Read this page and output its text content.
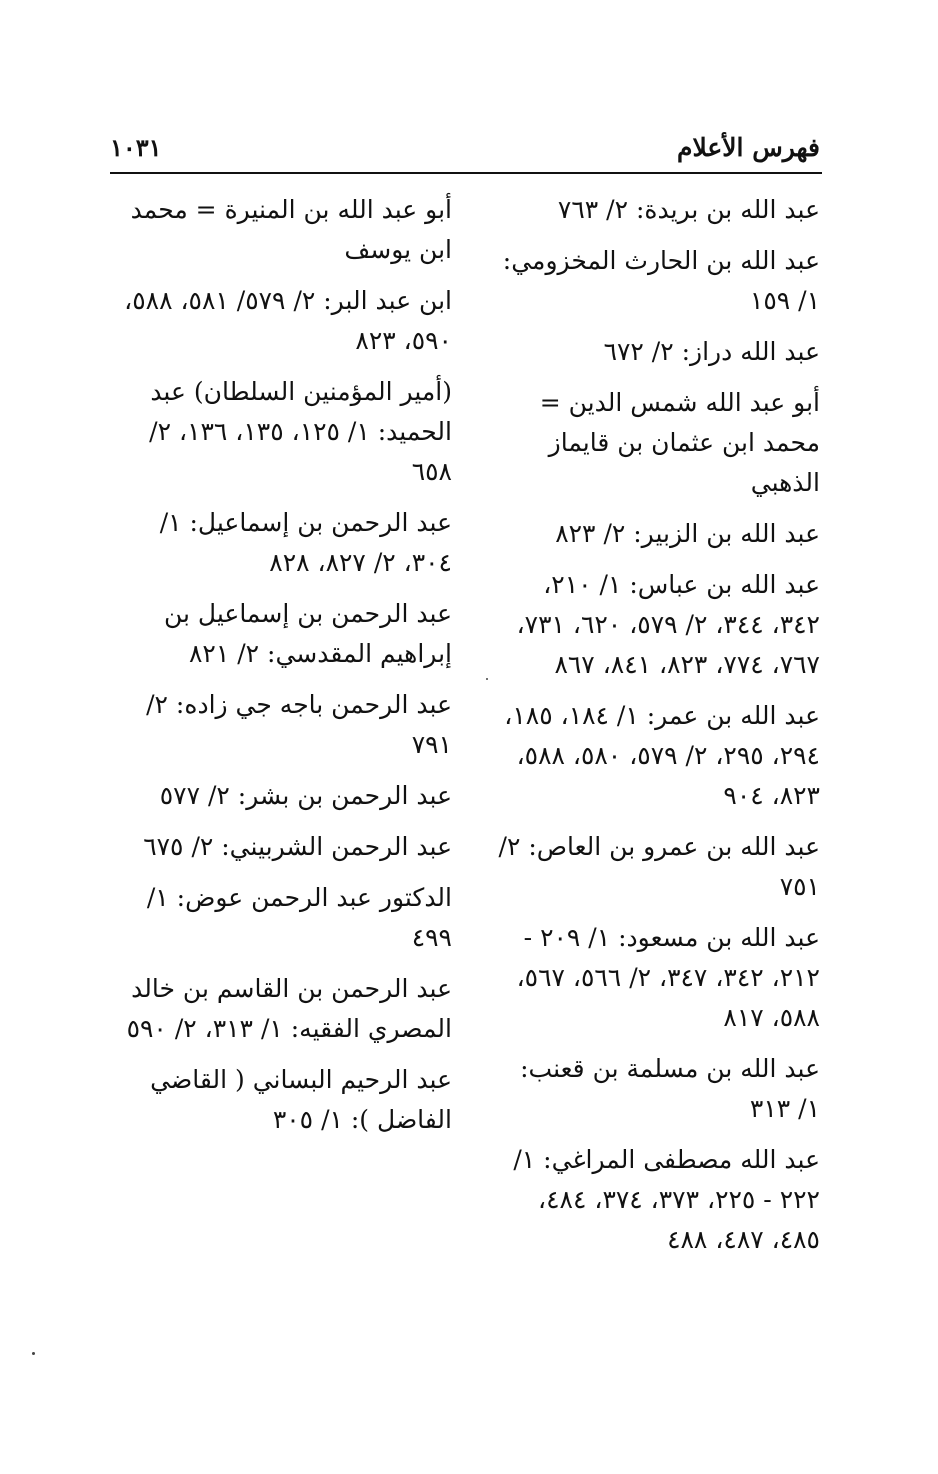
فهرس الأعلام
١٠٣١
عبد الله بن بريدة: ٢/ ٧٦٣
عبد الله بن الحارث المخزومي: ١/ ١٥٩
عبد الله دراز: ٢/ ٦٧٢
أبو عبد الله شمس الدين = محمد ابن عثمان بن قايماز الذهبي
عبد الله بن الزبير: ٢/ ٨٢٣
عبد الله بن عباس: ١/ ٢١٠، ٣٤٢، ٣٤٤، ٢/ ٥٧٩، ٦٢٠، ٧٣١، ٧٦٧، ٧٧٤، ٨٢٣، ٨٤١، ٨٦٧
عبد الله بن عمر: ١/ ١٨٤، ١٨٥، ٢٩٤، ٢٩٥، ٢/ ٥٧٩، ٥٨٠، ٥٨٨، ٨٢٣، ٩٠٤
عبد الله بن عمرو بن العاص: ٢/ ٧٥١
عبد الله بن مسعود: ١/ ٢٠٩ - ٢١٢، ٣٤٢، ٣٤٧، ٢/ ٥٦٦، ٥٦٧، ٥٨٨، ٨١٧
عبد الله بن مسلمة بن قعنب: ١/ ٣١٣
عبد الله مصطفى المراغي: ١/ ٢٢٢ - ٢٢٥، ٣٧٣، ٣٧٤، ٤٨٤، ٤٨٥، ٤٨٧، ٤٨٨
أبو عبد الله بن المنيرة = محمد ابن يوسف
ابن عبد البر: ٢/ ٥٧٩/ ٥٨١، ٥٨٨، ٥٩٠، ٨٢٣
(أمير المؤمنين السلطان) عبد الحميد: ١/ ١٢٥، ١٣٥، ١٣٦، ٢/ ٦٥٨
عبد الرحمن بن إسماعيل: ١/ ٣٠٤، ٢/ ٨٢٧، ٨٢٨
عبد الرحمن بن إسماعيل بن إبراهيم المقدسي: ٢/ ٨٢١
عبد الرحمن باجه جي زاده: ٢/ ٧٩١
عبد الرحمن بن بشر: ٢/ ٥٧٧
عبد الرحمن الشربيني: ٢/ ٦٧٥
الدكتور عبد الرحمن عوض: ١/ ٤٩٩
عبد الرحمن بن القاسم بن خالد المصري الفقيه: ١/ ٣١٣، ٢/ ٥٩٠
عبد الرحيم البساني ( القاضي الفاضل ): ١/ ٣٠٥
